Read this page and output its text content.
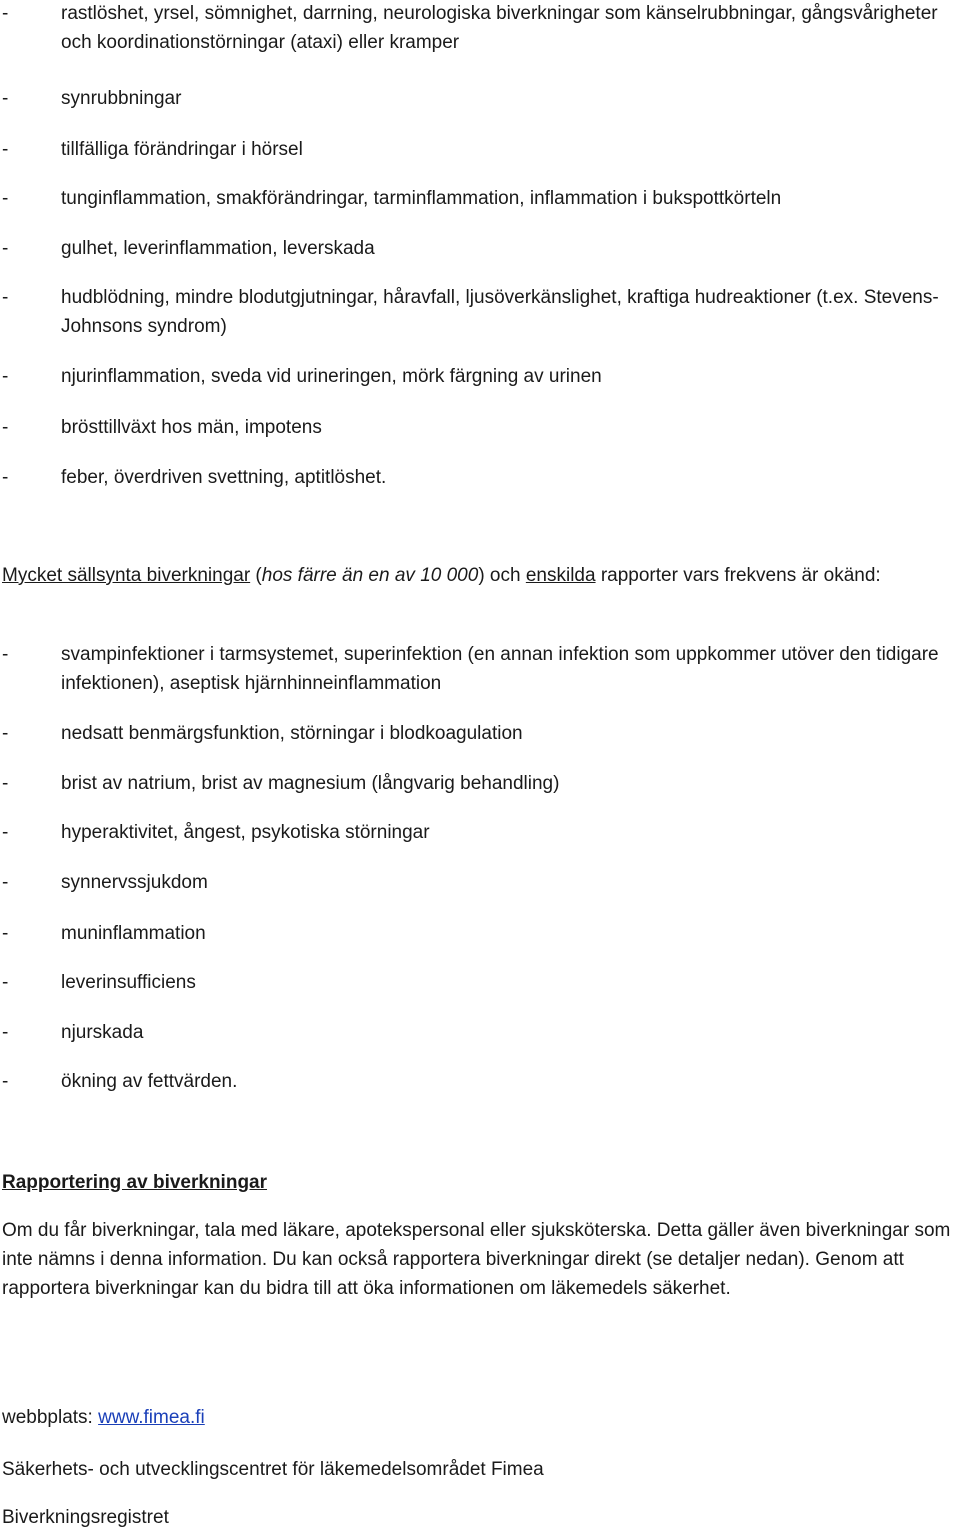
-	rastlöshet, yrsel, sömnighet, darrning, neurologiska biverkningar som känselrubbningar, gångsvårigheter och koordinationstörningar (ataxi) eller kramper
-	synrubbningar
-	tillfälliga förändringar i hörsel
-	tunginflammation, smakförändringar, tarminflammation, inflammation i bukspottkörteln
-	gulhet, leverinflammation, leverskada
-	hudblödning, mindre blodutgjutningar, håravfall, ljusöverkänslighet, kraftiga hudreaktioner (t.ex. Stevens-Johnsons syndrom)
-	njurinflammation, sveda vid urineringen, mörk färgning av urinen
-	brösttillväxt hos män, impotens
-	feber, överdriven svettning, aptitlöshet.
Mycket sällsynta biverkningar (hos färre än en av 10 000) och enskilda rapporter vars frekvens är okänd:
-	svampinfektioner i tarmsystemet, superinfektion (en annan infektion som uppkommer utöver den tidigare infektionen), aseptisk hjärnhinneinflammation
-	nedsatt benmärgsfunktion, störningar i blodkoagulation
-	brist av natrium, brist av magnesium (långvarig behandling)
-	hyperaktivitet, ångest, psykotiska störningar
-	synnervssjukdom
-	muninflammation
-	leverinsufficiens
-	njurskada
-	ökning av fettvärden.
Rapportering av biverkningar
Om du får biverkningar, tala med läkare, apotekspersonal eller sjuksköterska. Detta gäller även biverkningar som inte nämns i denna information. Du kan också rapportera biverkningar direkt (se detaljer nedan). Genom att rapportera biverkningar kan du bidra till att öka informationen om läkemedels säkerhet.
webbplats: www.fimea.fi
Säkerhets- och utvecklingscentret för läkemedelsområdet Fimea
Biverkningsregistret
